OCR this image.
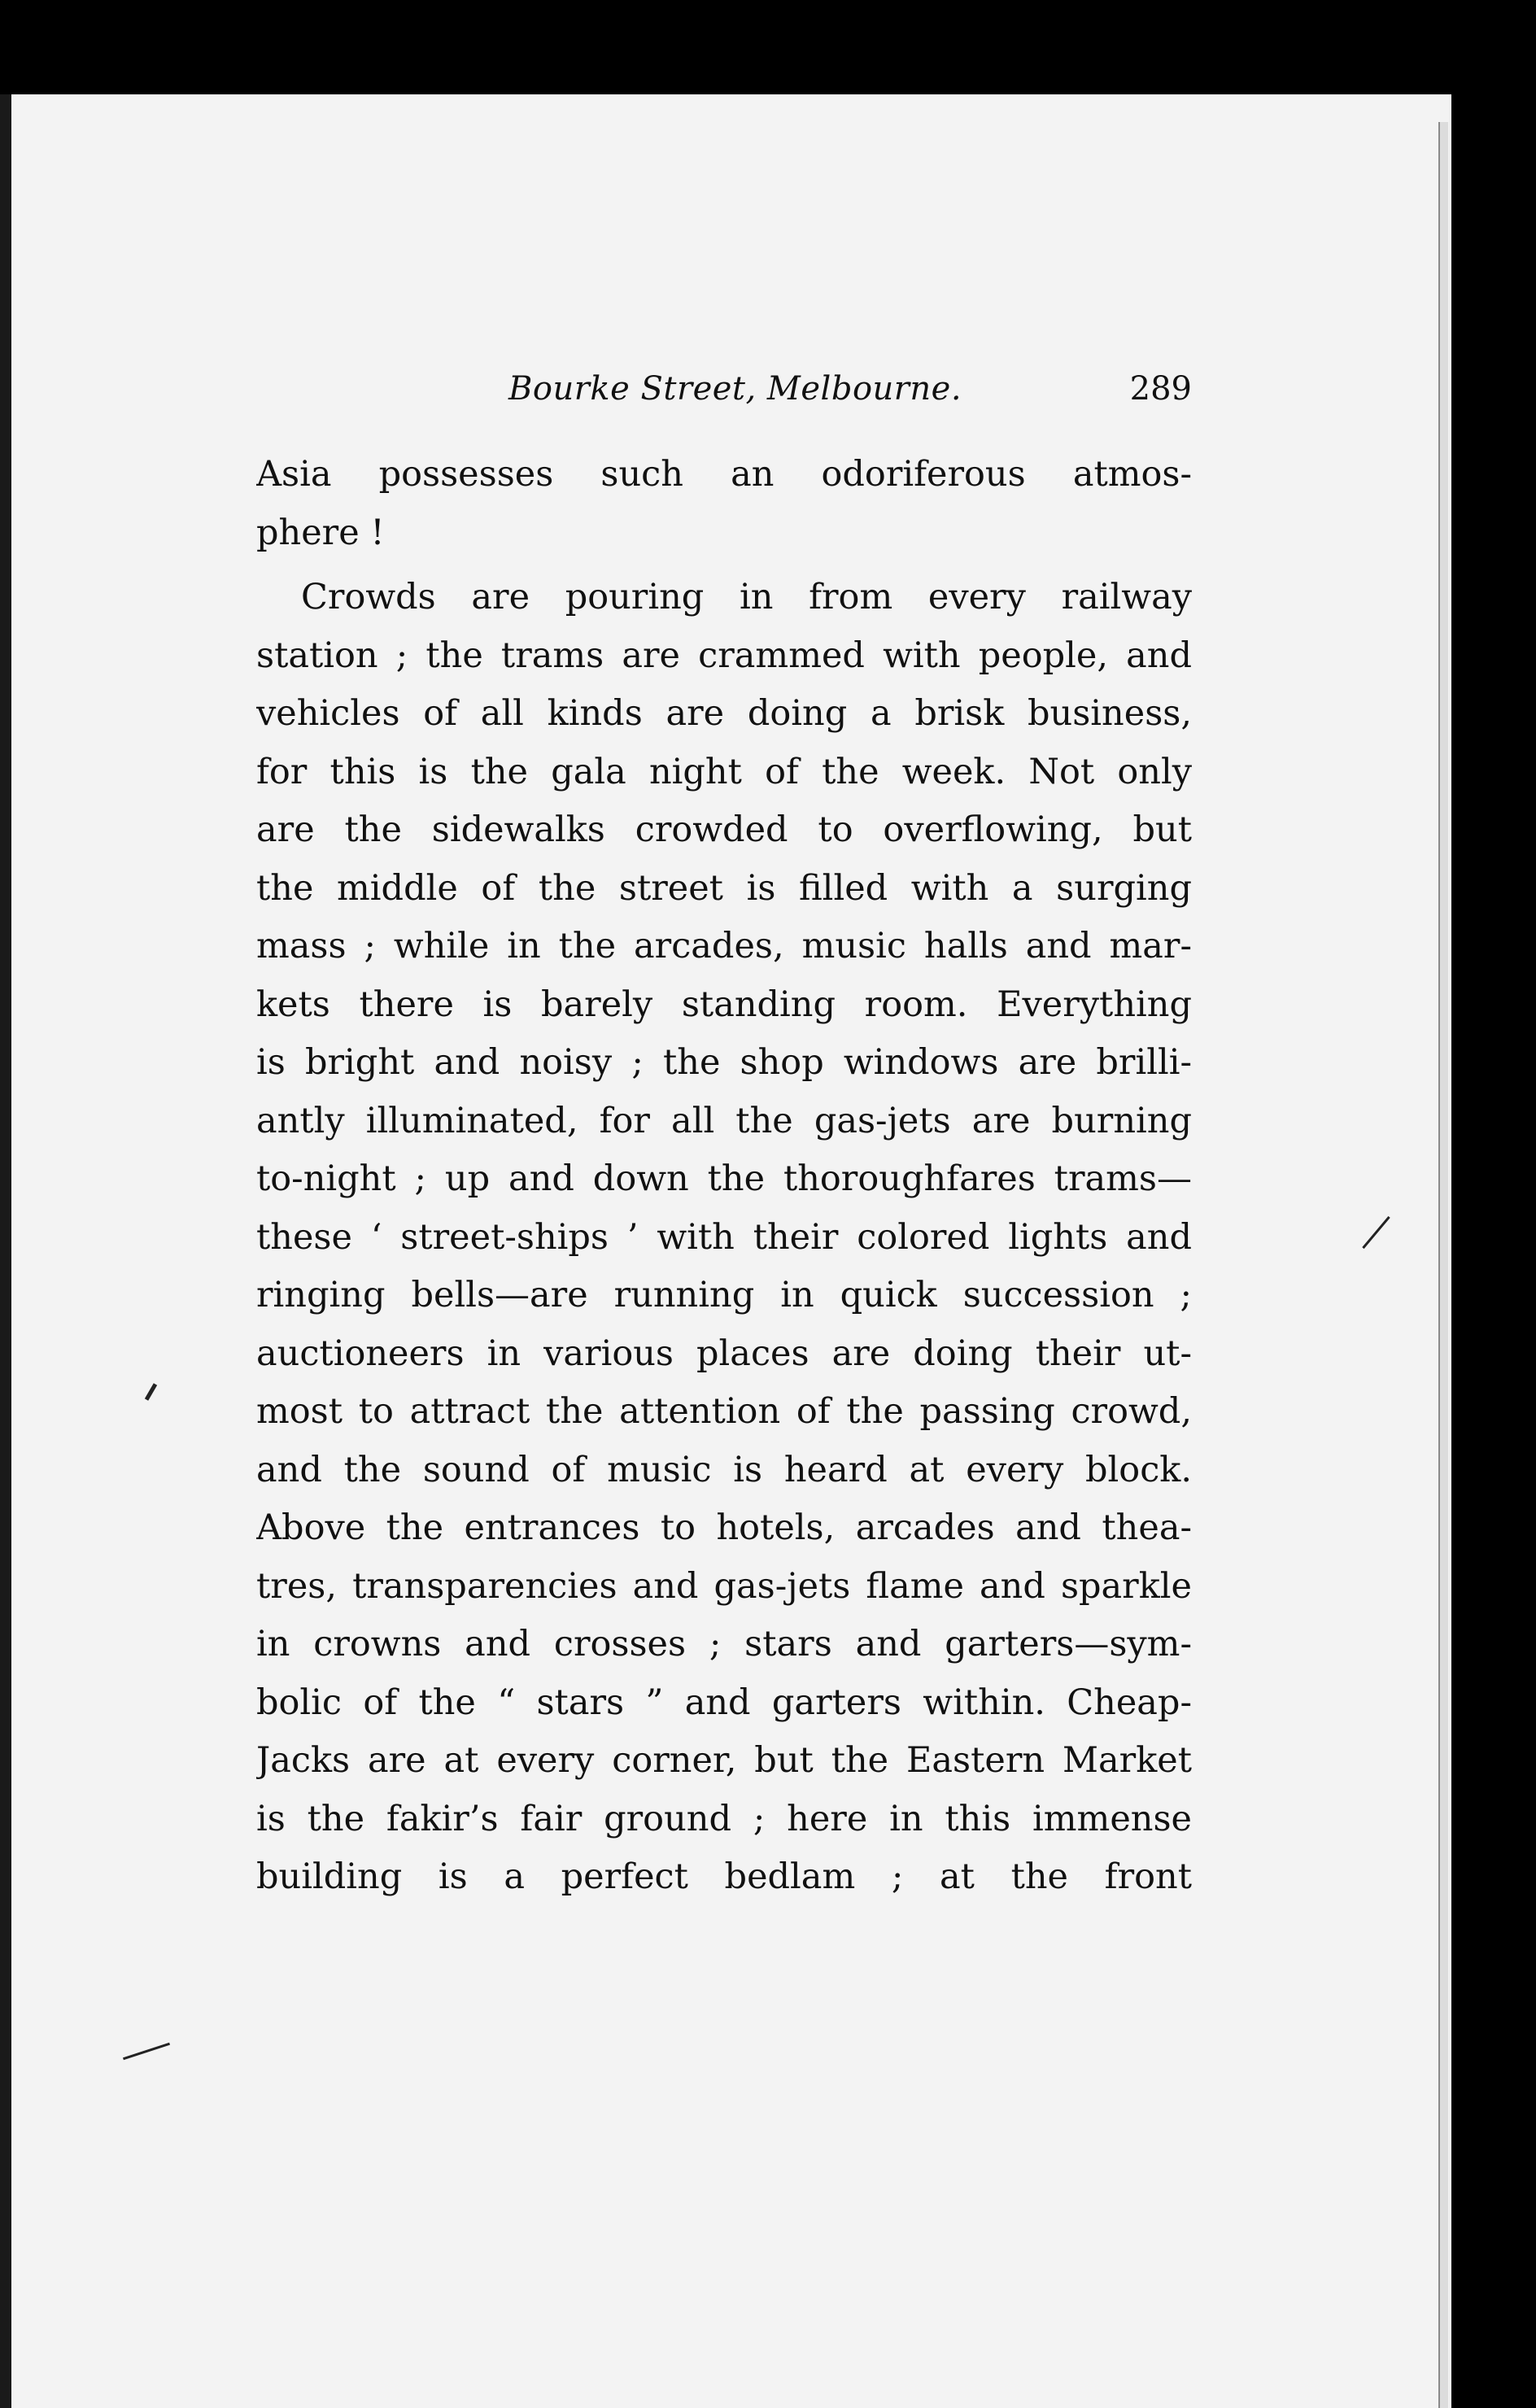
Bourke Street, Melbourne.	289
Asia possesses such an odoriferous atmos-
phere !
Crowds are pouring in from every railway
station ; the trams are crammed with people, and
vehicles of all kinds are doing a brisk business,
for this is the gala night of the week. Not only
are the sidewalks crowded to overflowing, but
the middle of the street is filled with a surging
mass ; while in the arcades, music halls and mar-
kets there is barely standing room. Everything
is bright and noisy ; the shop windows are brilli-
antly illuminated, for all the gas-jets are burning
to-night ; up and down the thoroughfares trams—
these ‘ street-ships ’ with their colored lights and
ringing bells—are running in quick succession ;
auctioneers in various places are doing their ut-
most to attract the attention of the passing crowd,
and the sound of music is heard at every block.
Above the entrances to hotels, arcades and thea-
tres, transparencies and gas-jets flame and sparkle
in crowns and crosses ; stars and garters—sym-
bolic of the “ stars ” and garters within. Cheap-
Jacks are at every corner, but the Eastern Market
is the fakir’s fair ground ; here in this immense
building is a perfect bedlam ; at the front
